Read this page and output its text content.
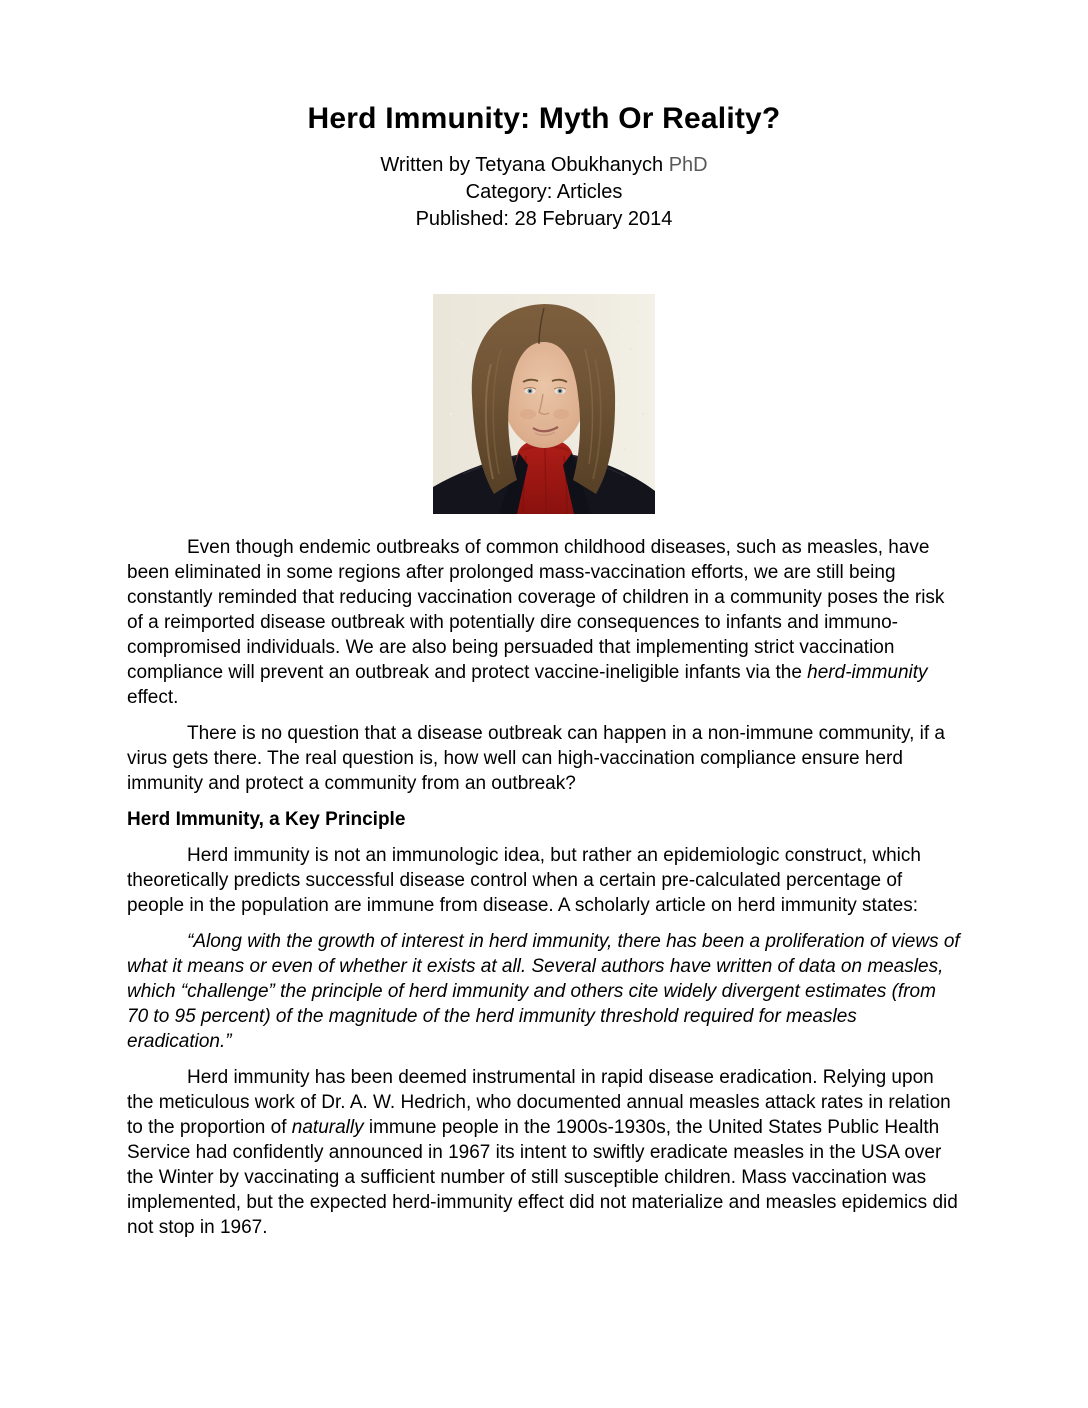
Herd Immunity: Myth Or Reality?
Written by Tetyana Obukhanych PhD
Category: Articles
Published: 28 February 2014

Even though endemic outbreaks of common childhood diseases, such as measles, have been eliminated in some regions after prolonged mass-vaccination efforts, we are still being constantly reminded that reducing vaccination coverage of children in a community poses the risk of a reimported disease outbreak with potentially dire consequences to infants and immuno-compromised individuals. We are also being persuaded that implementing strict vaccination compliance will prevent an outbreak and protect vaccine-ineligible infants via the herd-immunity effect.

There is no question that a disease outbreak can happen in a non-immune community, if a virus gets there. The real question is, how well can high-vaccination compliance ensure herd immunity and protect a community from an outbreak?

Herd Immunity, a Key Principle

Herd immunity is not an immunologic idea, but rather an epidemiologic construct, which theoretically predicts successful disease control when a certain pre-calculated percentage of people in the population are immune from disease. A scholarly article on herd immunity states:

“Along with the growth of interest in herd immunity, there has been a proliferation of views of what it means or even of whether it exists at all. Several authors have written of data on measles, which “challenge” the principle of herd immunity and others cite widely divergent estimates (from 70 to 95 percent) of the magnitude of the herd immunity threshold required for measles eradication.”

Herd immunity has been deemed instrumental in rapid disease eradication. Relying upon the meticulous work of Dr. A. W. Hedrich, who documented annual measles attack rates in relation to the proportion of naturally immune people in the 1900s-1930s, the United States Public Health Service had confidently announced in 1967 its intent to swiftly eradicate measles in the USA over the Winter by vaccinating a sufficient number of still susceptible children. Mass vaccination was implemented, but the expected herd-immunity effect did not materialize and measles epidemics did not stop in 1967.
